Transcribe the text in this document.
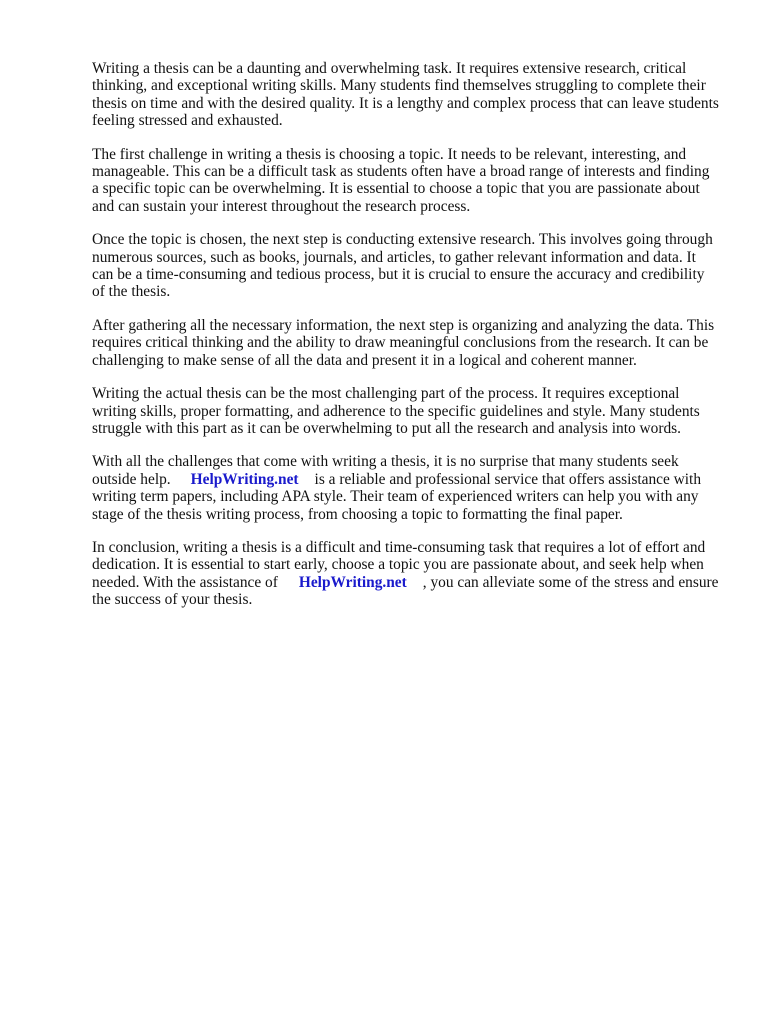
Writing a thesis can be a daunting and overwhelming task. It requires extensive research, critical thinking, and exceptional writing skills. Many students find themselves struggling to complete their thesis on time and with the desired quality. It is a lengthy and complex process that can leave students feeling stressed and exhausted.

The first challenge in writing a thesis is choosing a topic. It needs to be relevant, interesting, and manageable. This can be a difficult task as students often have a broad range of interests and finding a specific topic can be overwhelming. It is essential to choose a topic that you are passionate about and can sustain your interest throughout the research process.

Once the topic is chosen, the next step is conducting extensive research. This involves going through numerous sources, such as books, journals, and articles, to gather relevant information and data. It can be a time-consuming and tedious process, but it is crucial to ensure the accuracy and credibility of the thesis.

After gathering all the necessary information, the next step is organizing and analyzing the data. This requires critical thinking and the ability to draw meaningful conclusions from the research. It can be challenging to make sense of all the data and present it in a logical and coherent manner.

Writing the actual thesis can be the most challenging part of the process. It requires exceptional writing skills, proper formatting, and adherence to the specific guidelines and style. Many students struggle with this part as it can be overwhelming to put all the research and analysis into words.

With all the challenges that come with writing a thesis, it is no surprise that many students seek outside help. HelpWriting.net is a reliable and professional service that offers assistance with writing term papers, including APA style. Their team of experienced writers can help you with any stage of the thesis writing process, from choosing a topic to formatting the final paper.

In conclusion, writing a thesis is a difficult and time-consuming task that requires a lot of effort and dedication. It is essential to start early, choose a topic you are passionate about, and seek help when needed. With the assistance of HelpWriting.net , you can alleviate some of the stress and ensure the success of your thesis.
